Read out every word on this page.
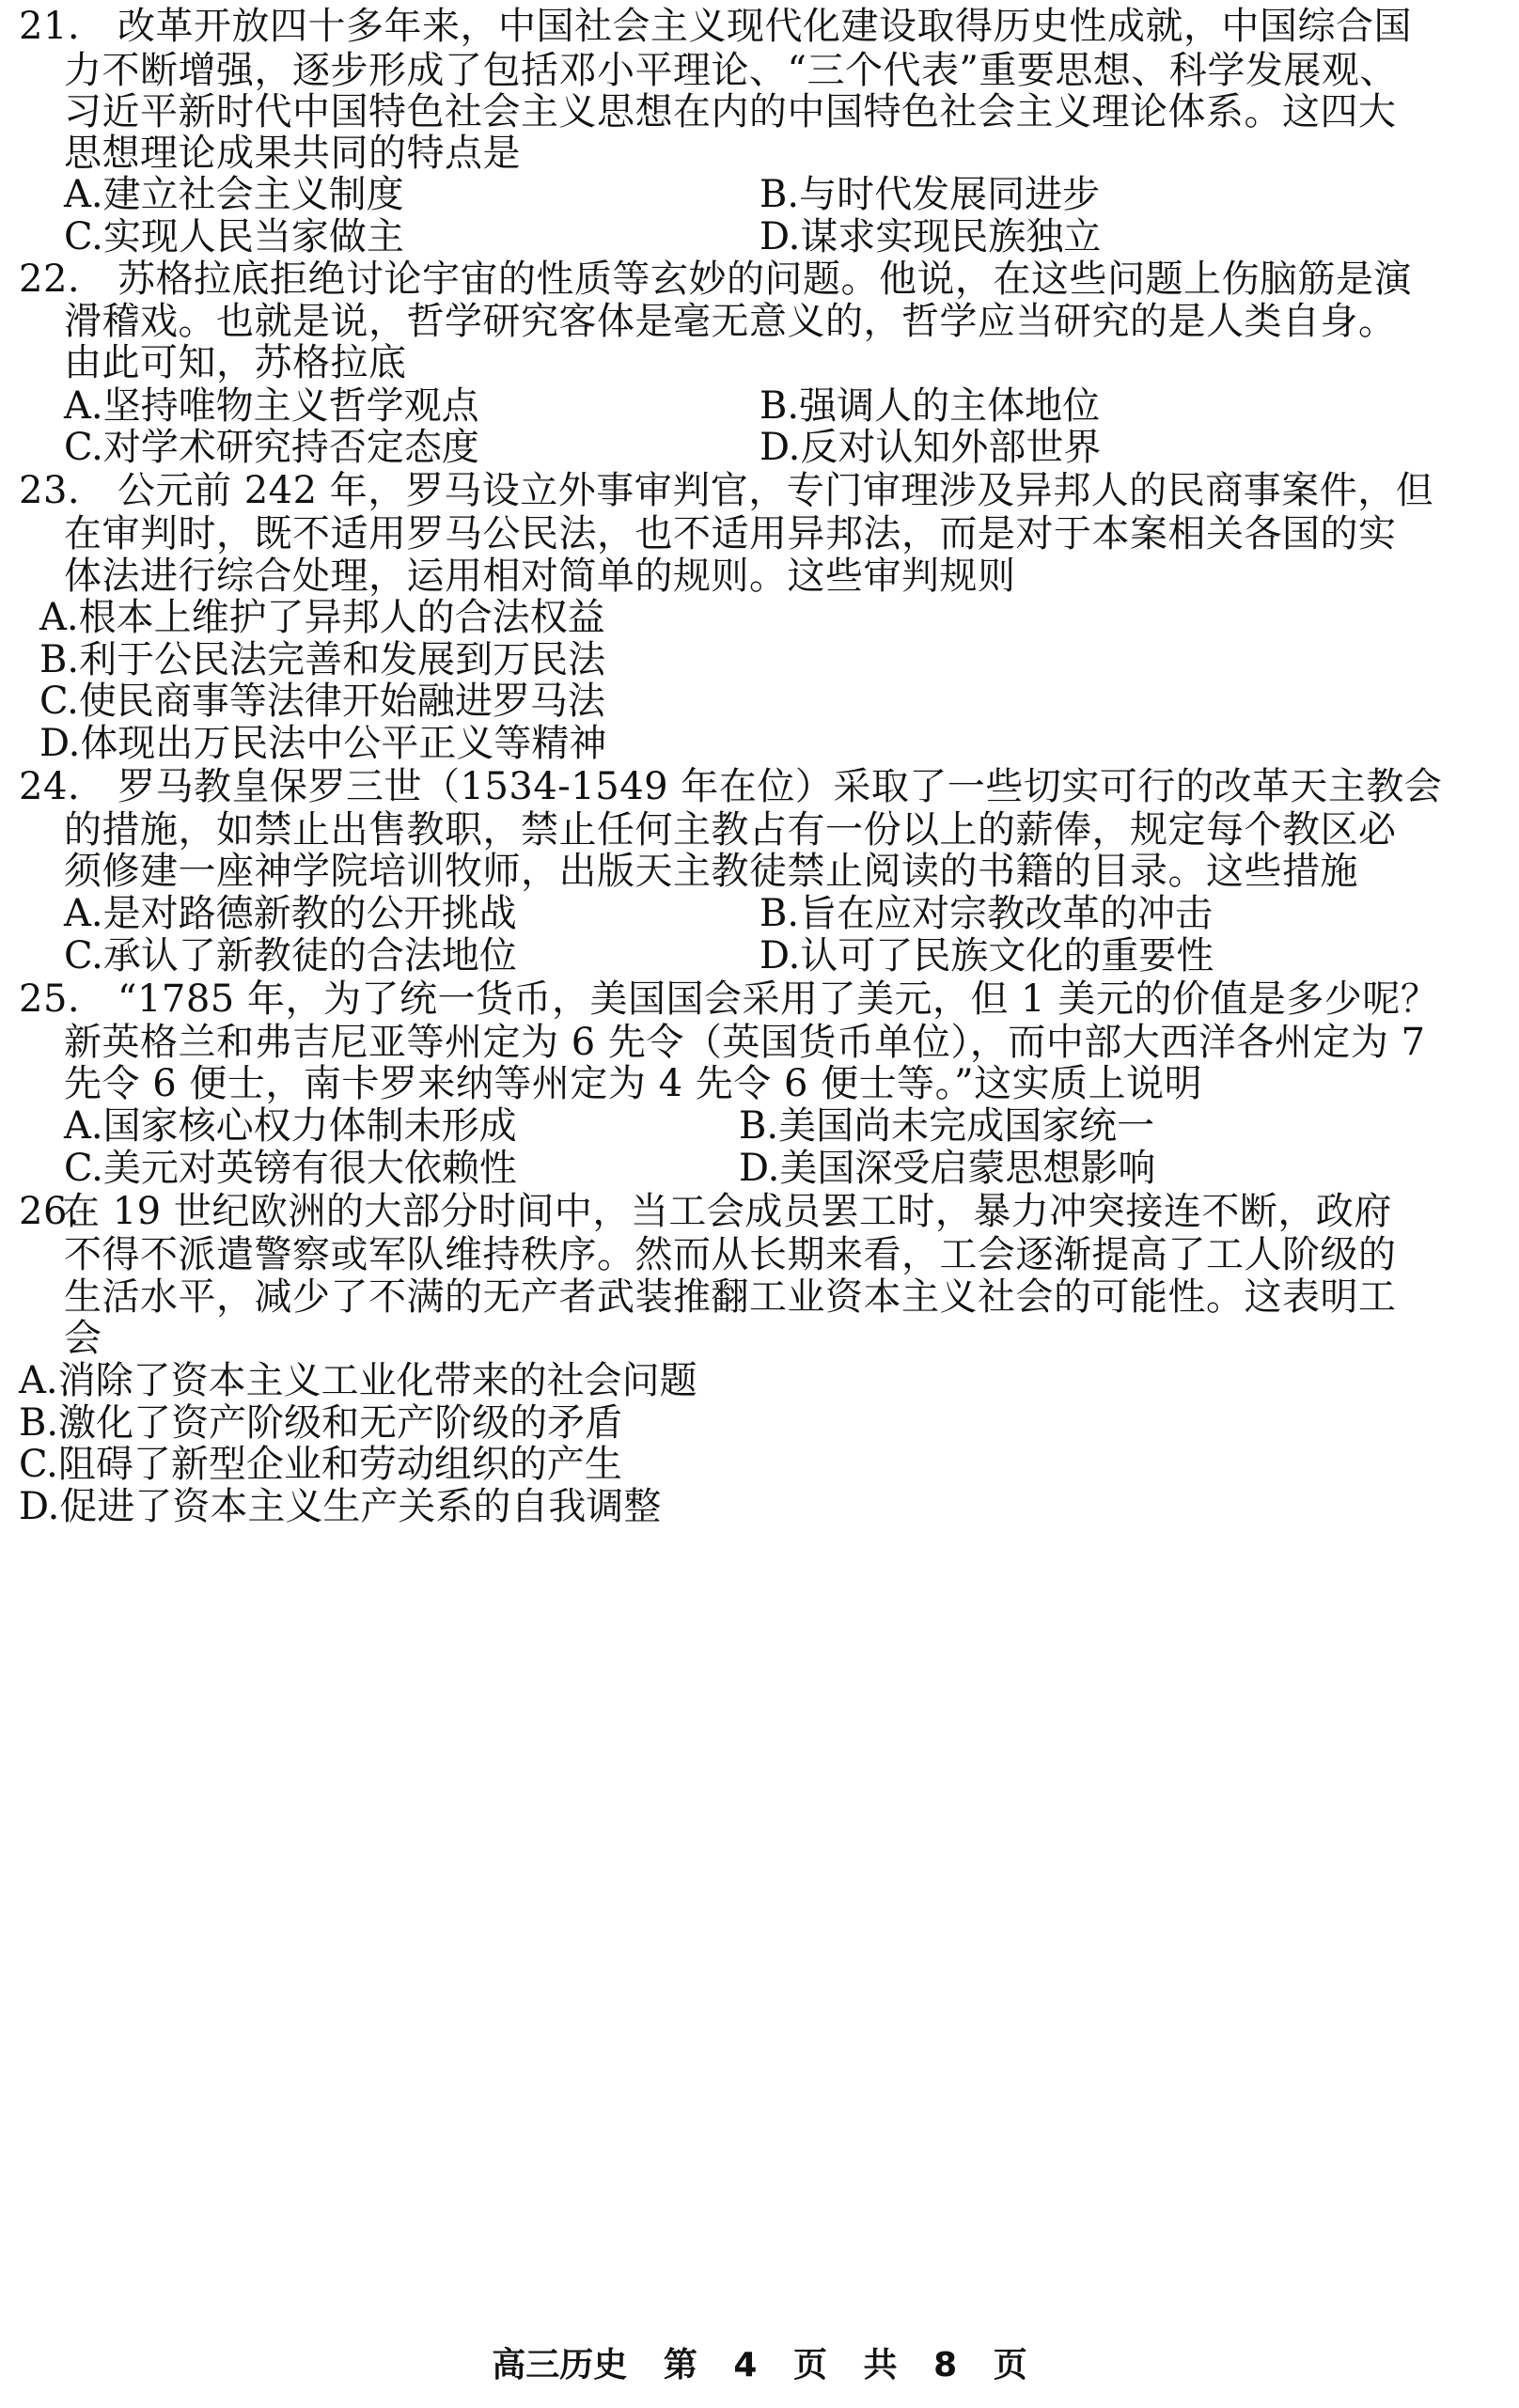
21. 改革开放四十多年来，中国社会主义现代化建设取得历史性成就，中国综合国
力不断增强，逐步形成了包括邓小平理论、“三个代表”重要思想、科学发展观、
习近平新时代中国特色社会主义思想在内的中国特色社会主义理论体系。这四大
思想理论成果共同的特点是
A.建立社会主义制度	B.与时代发展同进步
C.实现人民当家做主	D.谋求实现民族独立
22. 苏格拉底拒绝讨论宇宙的性质等玄妙的问题。他说，在这些问题上伤脑筋是演
滑稽戏。也就是说，哲学研究客体是毫无意义的，哲学应当研究的是人类自身。
由此可知，苏格拉底
A.坚持唯物主义哲学观点	B.强调人的主体地位
C.对学术研究持否定态度	D.反对认知外部世界
23. 公元前 242 年，罗马设立外事审判官，专门审理涉及异邦人的民商事案件，但
在审判时，既不适用罗马公民法，也不适用异邦法，而是对于本案相关各国的实
体法进行综合处理，运用相对简单的规则。这些审判规则
A.根本上维护了异邦人的合法权益
B.利于公民法完善和发展到万民法
C.使民商事等法律开始融进罗马法
D.体现出万民法中公平正义等精神
24. 罗马教皇保罗三世（1534-1549 年在位）采取了一些切实可行的改革天主教会
的措施，如禁止出售教职，禁止任何主教占有一份以上的薪俸，规定每个教区必
须修建一座神学院培训牧师，出版天主教徒禁止阅读的书籍的目录。这些措施
A.是对路德新教的公开挑战	B.旨在应对宗教改革的冲击
C.承认了新教徒的合法地位	D.认可了民族文化的重要性
25. “1785 年，为了统一货币，美国国会采用了美元，但 1 美元的价值是多少呢？
新英格兰和弗吉尼亚等州定为 6 先令（英国货币单位），而中部大西洋各州定为 7
先令 6 便士，南卡罗来纳等州定为 4 先令 6 便士等。”这实质上说明
A.国家核心权力体制未形成	B.美国尚未完成国家统一
C.美元对英镑有很大依赖性	D.美国深受启蒙思想影响
26.在 19 世纪欧洲的大部分时间中，当工会成员罢工时，暴力冲突接连不断，政府
不得不派遣警察或军队维持秩序。然而从长期来看，工会逐渐提高了工人阶级的
生活水平，减少了不满的无产者武装推翻工业资本主义社会的可能性。这表明工
会
A.消除了资本主义工业化带来的社会问题
B.激化了资产阶级和无产阶级的矛盾
C.阻碍了新型企业和劳动组织的产生
D.促进了资本主义生产关系的自我调整
高三历史 第 4 页 共 8 页
